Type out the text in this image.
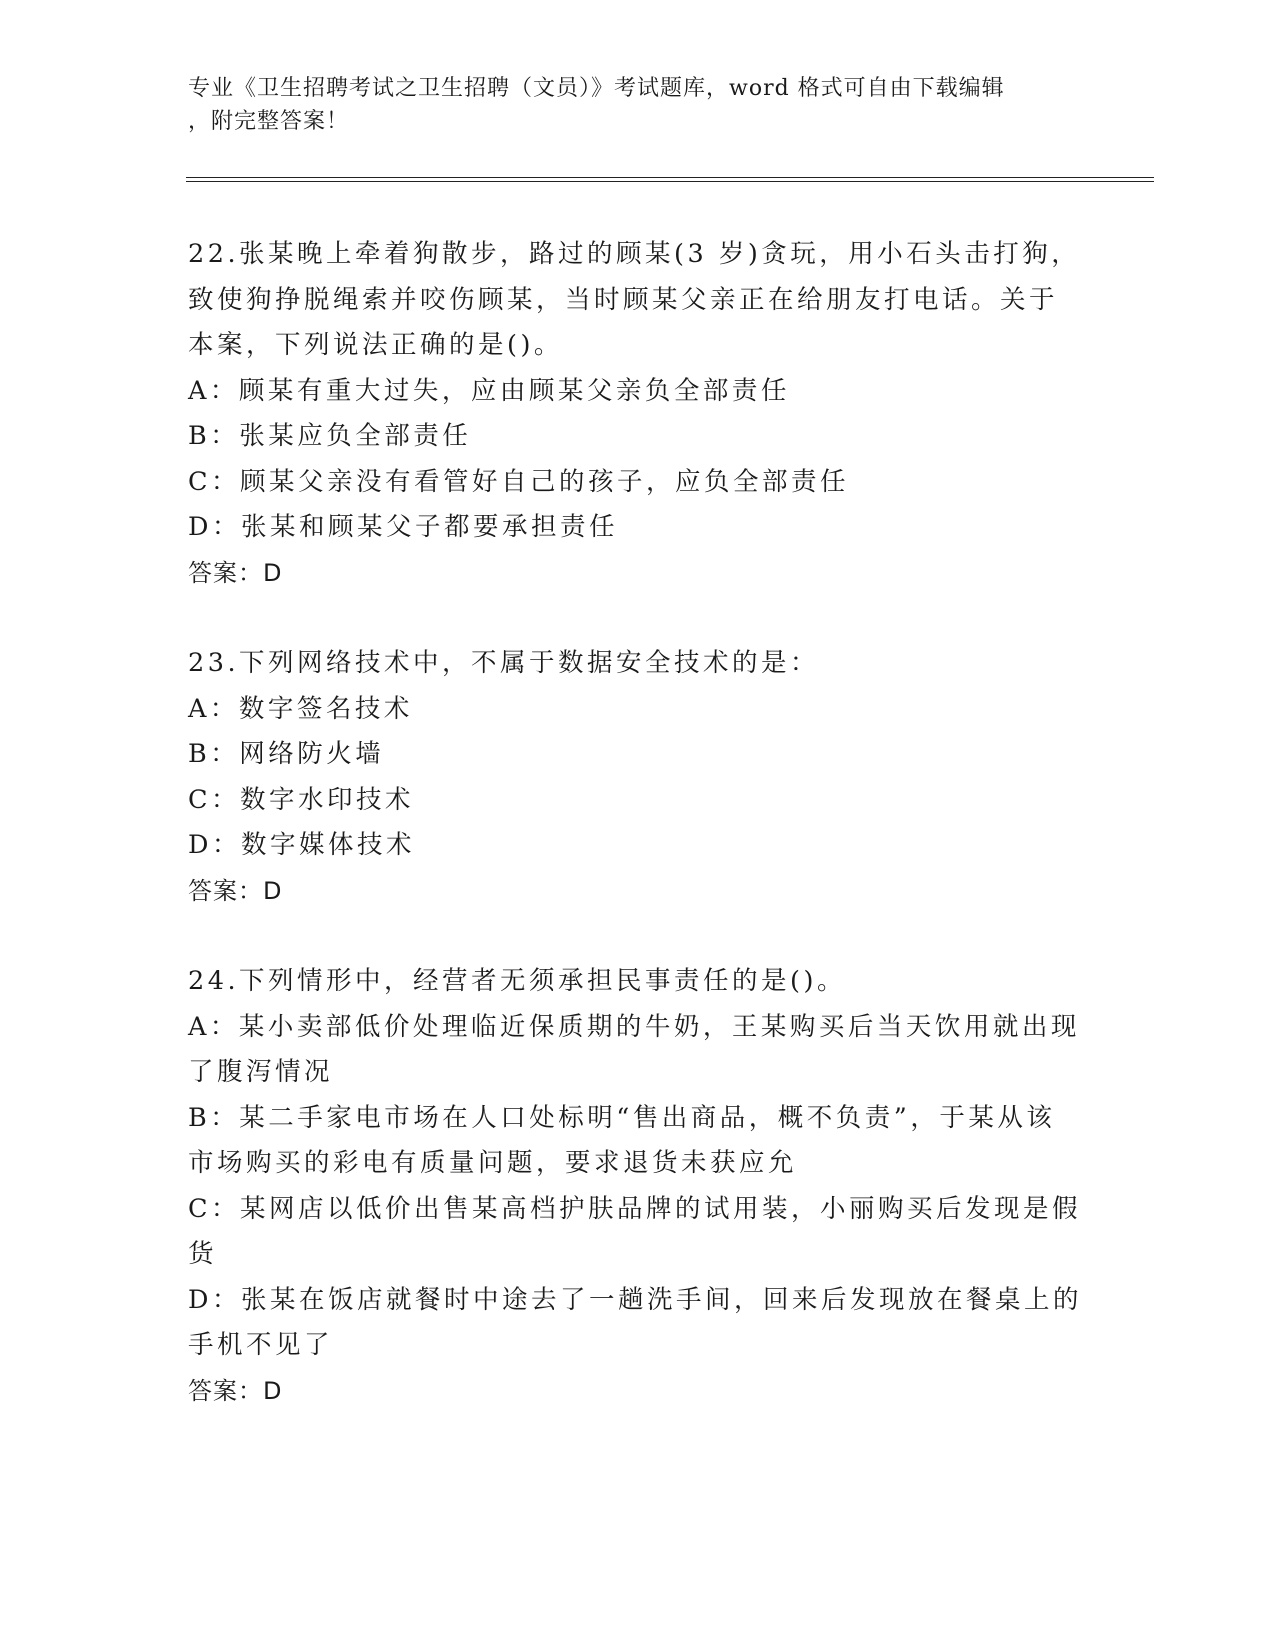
专业《卫生招聘考试之卫生招聘（文员）》考试题库，word 格式可自由下载编辑
，附完整答案！

22.张某晚上牵着狗散步，路过的顾某(3 岁)贪玩，用小石头击打狗，

致使狗挣脱绳索并咬伤顾某，当时顾某父亲正在给朋友打电话。关于

本案，下列说法正确的是()。

A：顾某有重大过失，应由顾某父亲负全部责任

B：张某应负全部责任

C：顾某父亲没有看管好自己的孩子，应负全部责任

D：张某和顾某父子都要承担责任

答案：D

23.下列网络技术中，不属于数据安全技术的是：

A：数字签名技术

B：网络防火墙

C：数字水印技术

D：数字媒体技术

答案：D

24.下列情形中，经营者无须承担民事责任的是()。

A：某小卖部低价处理临近保质期的牛奶，王某购买后当天饮用就出现

了腹泻情况

B：某二手家电市场在人口处标明“售出商品，概不负责”，于某从该

市场购买的彩电有质量问题，要求退货未获应允

C：某网店以低价出售某高档护肤品牌的试用装，小丽购买后发现是假

货

D：张某在饭店就餐时中途去了一趟洗手间，回来后发现放在餐桌上的

手机不见了

答案：D
